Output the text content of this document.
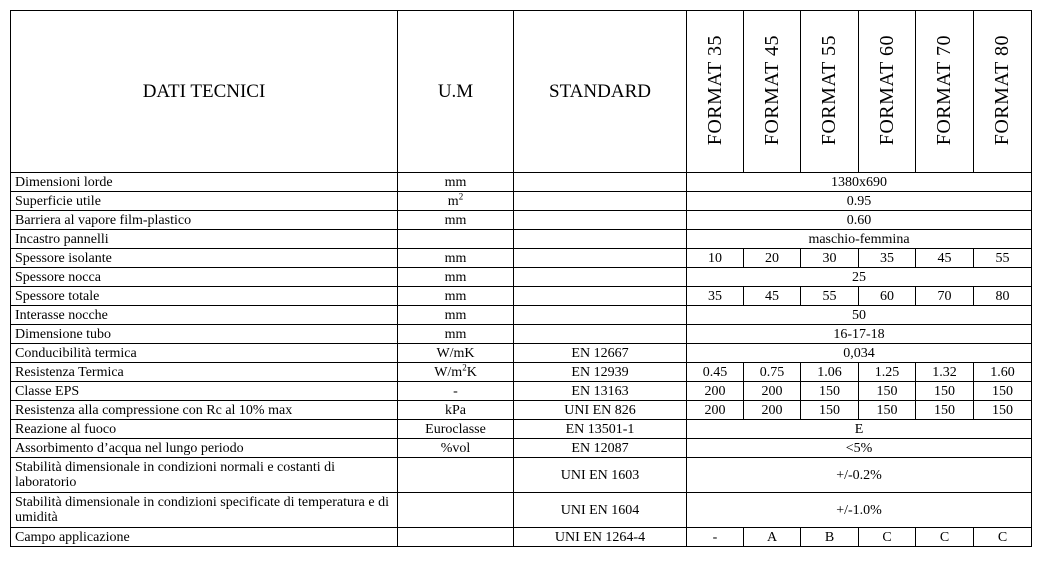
DATI TECNICI	U.M	STANDARD	FORMAT 35	FORMAT 45	FORMAT 55	FORMAT 60	FORMAT 70	FORMAT 80
Dimensioni lorde	mm		1380x690					
Superficie utile	$m^2$		0.95					
Barriera al vapore film-plastico	mm		0.60					
Incastro pannelli			maschio-femmina					
Spessore isolante	mm		10	20	30	35	45	55
Spessore nocca	mm		25					
Spessore totale	mm		35	45	55	60	70	80
Interasse nocche	mm		50					
Dimensione tubo	mm		16-17-18					
Conducibilità termica	W/mK	EN 12667	0,034					
Resistenza Termica	$W/m^2K$	EN 12939	0.45	0.75	1.06	1.25	1.32	1.60
Classe EPS	-	EN 13163	200	200	150	150	150	150
Resistenza alla compressione con Rc al 10% max	kPa	UNI EN 826	200	200	150	150	150	150
Reazione al fuoco	Euroclasse	EN 13501-1	E					
Assorbimento d’acqua nel lungo periodo	%vol	EN 12087	<5%					
Stabilità dimensionale in condizioni normali e costanti di laboratorio		UNI EN 1603	+/-0.2%					
Stabilità dimensionale in condizioni specificate di temperatura e di umidità		UNI EN 1604	+/-1.0%					
Campo applicazione		UNI EN 1264-4	-	A	B	C	C	C
